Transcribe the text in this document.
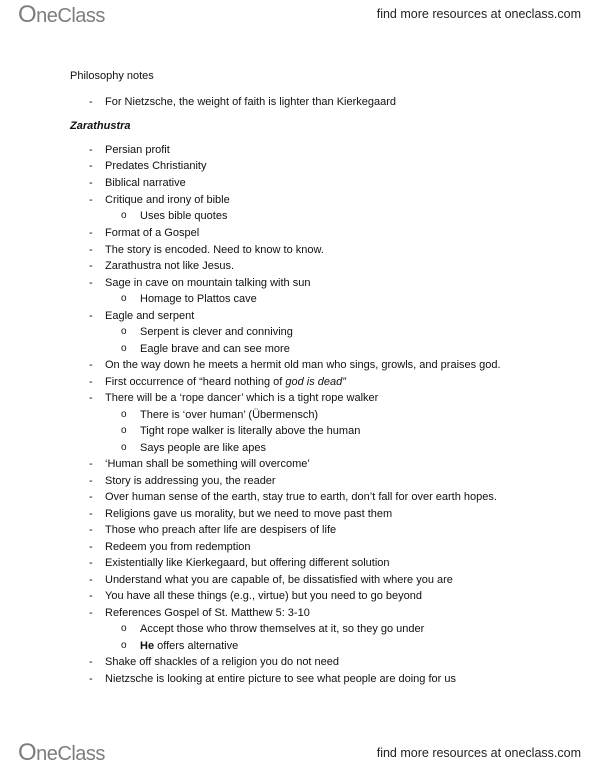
OneClass	find more resources at oneclass.com
Philosophy notes
- For Nietzsche, the weight of faith is lighter than Kierkegaard
Zarathustra
- Persian profit
- Predates Christianity
- Biblical narrative
- Critique and irony of bible
o Uses bible quotes
- Format of a Gospel
- The story is encoded. Need to know to know.
- Zarathustra not like Jesus.
- Sage in cave on mountain talking with sun
o Homage to Plattos cave
- Eagle and serpent
o Serpent is clever and conniving
o Eagle brave and can see more
- On the way down he meets a hermit old man who sings, growls, and praises god.
- First occurrence of “heard nothing of god is dead”
- There will be a ‘rope dancer’ which is a tight rope walker
o There is ‘over human’ (Übermensch)
o Tight rope walker is literally above the human
o Says people are like apes
- ‘Human shall be something will overcome’
- Story is addressing you, the reader
- Over human sense of the earth, stay true to earth, don’t fall for over earth hopes.
- Religions gave us morality, but we need to move past them
- Those who preach after life are despisers of life
- Redeem you from redemption
- Existentially like Kierkegaard, but offering different solution
- Understand what you are capable of, be dissatisfied with where you are
- You have all these things (e.g., virtue) but you need to go beyond
- References Gospel of St. Matthew 5: 3-10
o Accept those who throw themselves at it, so they go under
o He offers alternative
- Shake off shackles of a religion you do not need
- Nietzsche is looking at entire picture to see what people are doing for us
OneClass	find more resources at oneclass.com
